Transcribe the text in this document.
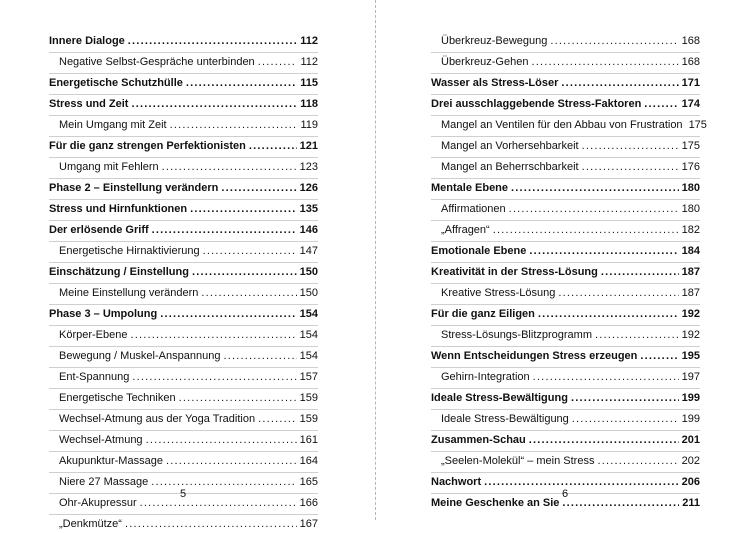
Innere Dialoge .....	112
Negative Selbst-Gespräche unterbinden .....	112
Energetische Schutzhülle .....	115
Stress und Zeit .....	118
Mein Umgang mit Zeit .....	119
Für die ganz strengen Perfektionisten .....	121
Umgang mit Fehlern .....	123
Phase 2 – Einstellung verändern .....	126
Stress und Hirnfunktionen .....	135
Der erlösende Griff .....	146
Energetische Hirnaktivierung .....	147
Einschätzung / Einstellung .....	150
Meine Einstellung verändern .....	150
Phase 3 – Umpolung .....	154
Körper-Ebene .....	154
Bewegung / Muskel-Anspannung .....	154
Ent-Spannung .....	157
Energetische Techniken .....	159
Wechsel-Atmung aus der Yoga Tradition .....	159
Wechsel-Atmung .....	161
Akupunktur-Massage .....	164
Niere 27 Massage .....	165
Ohr-Akupressur .....	166
„Denkmütze“ .....	167
5
Überkreuz-Bewegung .....	168
Überkreuz-Gehen .....	168
Wasser als Stress-Löser .....	171
Drei ausschlaggebende Stress-Faktoren .....	174
Mangel an Ventilen für den Abbau von Frustration 175
Mangel an Vorhersehbarkeit .....	175
Mangel an Beherrschbarkeit .....	176
Mentale Ebene .....	180
Affirmationen .....	180
„Affragen“ .....	182
Emotionale Ebene .....	184
Kreativität in der Stress-Lösung .....	187
Kreative Stress-Lösung .....	187
Für die ganz Eiligen .....	192
Stress-Lösungs-Blitzprogramm .....	192
Wenn Entscheidungen Stress erzeugen .....	195
Gehirn-Integration .....	197
Ideale Stress-Bewältigung .....	199
Ideale Stress-Bewältigung .....	199
Zusammen-Schau .....	201
„Seelen-Molekül“ – mein Stress .....	202
Nachwort .....	206
Meine Geschenke an Sie .....	211
6
